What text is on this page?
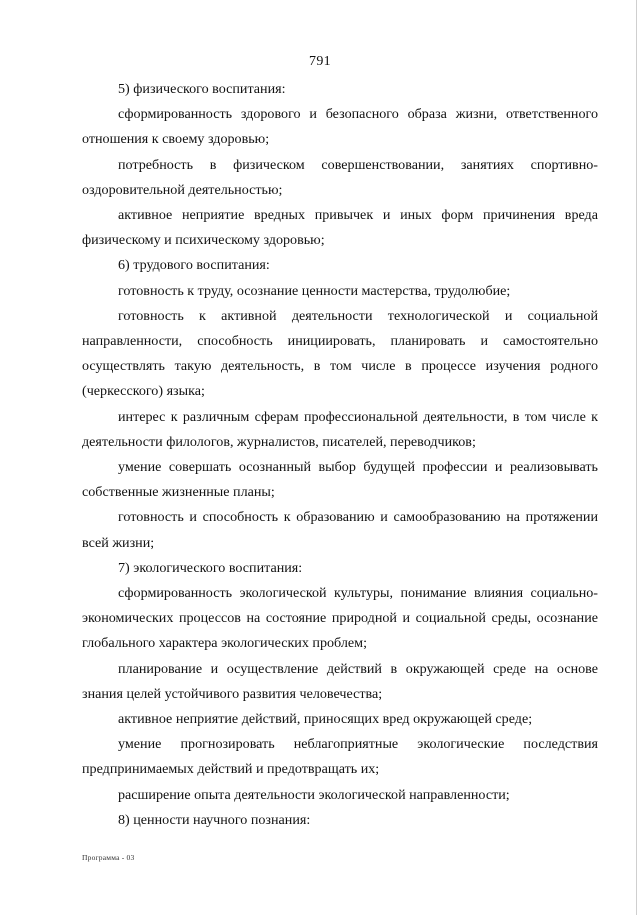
791

5) физического воспитания:

сформированность здорового и безопасного образа жизни, ответственного отношения к своему здоровью;

потребность в физическом совершенствовании, занятиях спортивно-оздоровительной деятельностью;

активное неприятие вредных привычек и иных форм причинения вреда физическому и психическому здоровью;

6) трудового воспитания:

готовность к труду, осознание ценности мастерства, трудолюбие;

готовность к активной деятельности технологической и социальной направленности, способность инициировать, планировать и самостоятельно осуществлять такую деятельность, в том числе в процессе изучения родного (черкесского) языка;

интерес к различным сферам профессиональной деятельности, в том числе к деятельности филологов, журналистов, писателей, переводчиков;

умение совершать осознанный выбор будущей профессии и реализовывать собственные жизненные планы;

готовность и способность к образованию и самообразованию на протяжении всей жизни;

7) экологического воспитания:

сформированность экологической культуры, понимание влияния социально-экономических процессов на состояние природной и социальной среды, осознание глобального характера экологических проблем;

планирование и осуществление действий в окружающей среде на основе знания целей устойчивого развития человечества;

активное неприятие действий, приносящих вред окружающей среде;

умение прогнозировать неблагоприятные экологические последствия предпринимаемых действий и предотвращать их;

расширение опыта деятельности экологической направленности;

8) ценности научного познания:

Программа - 03
